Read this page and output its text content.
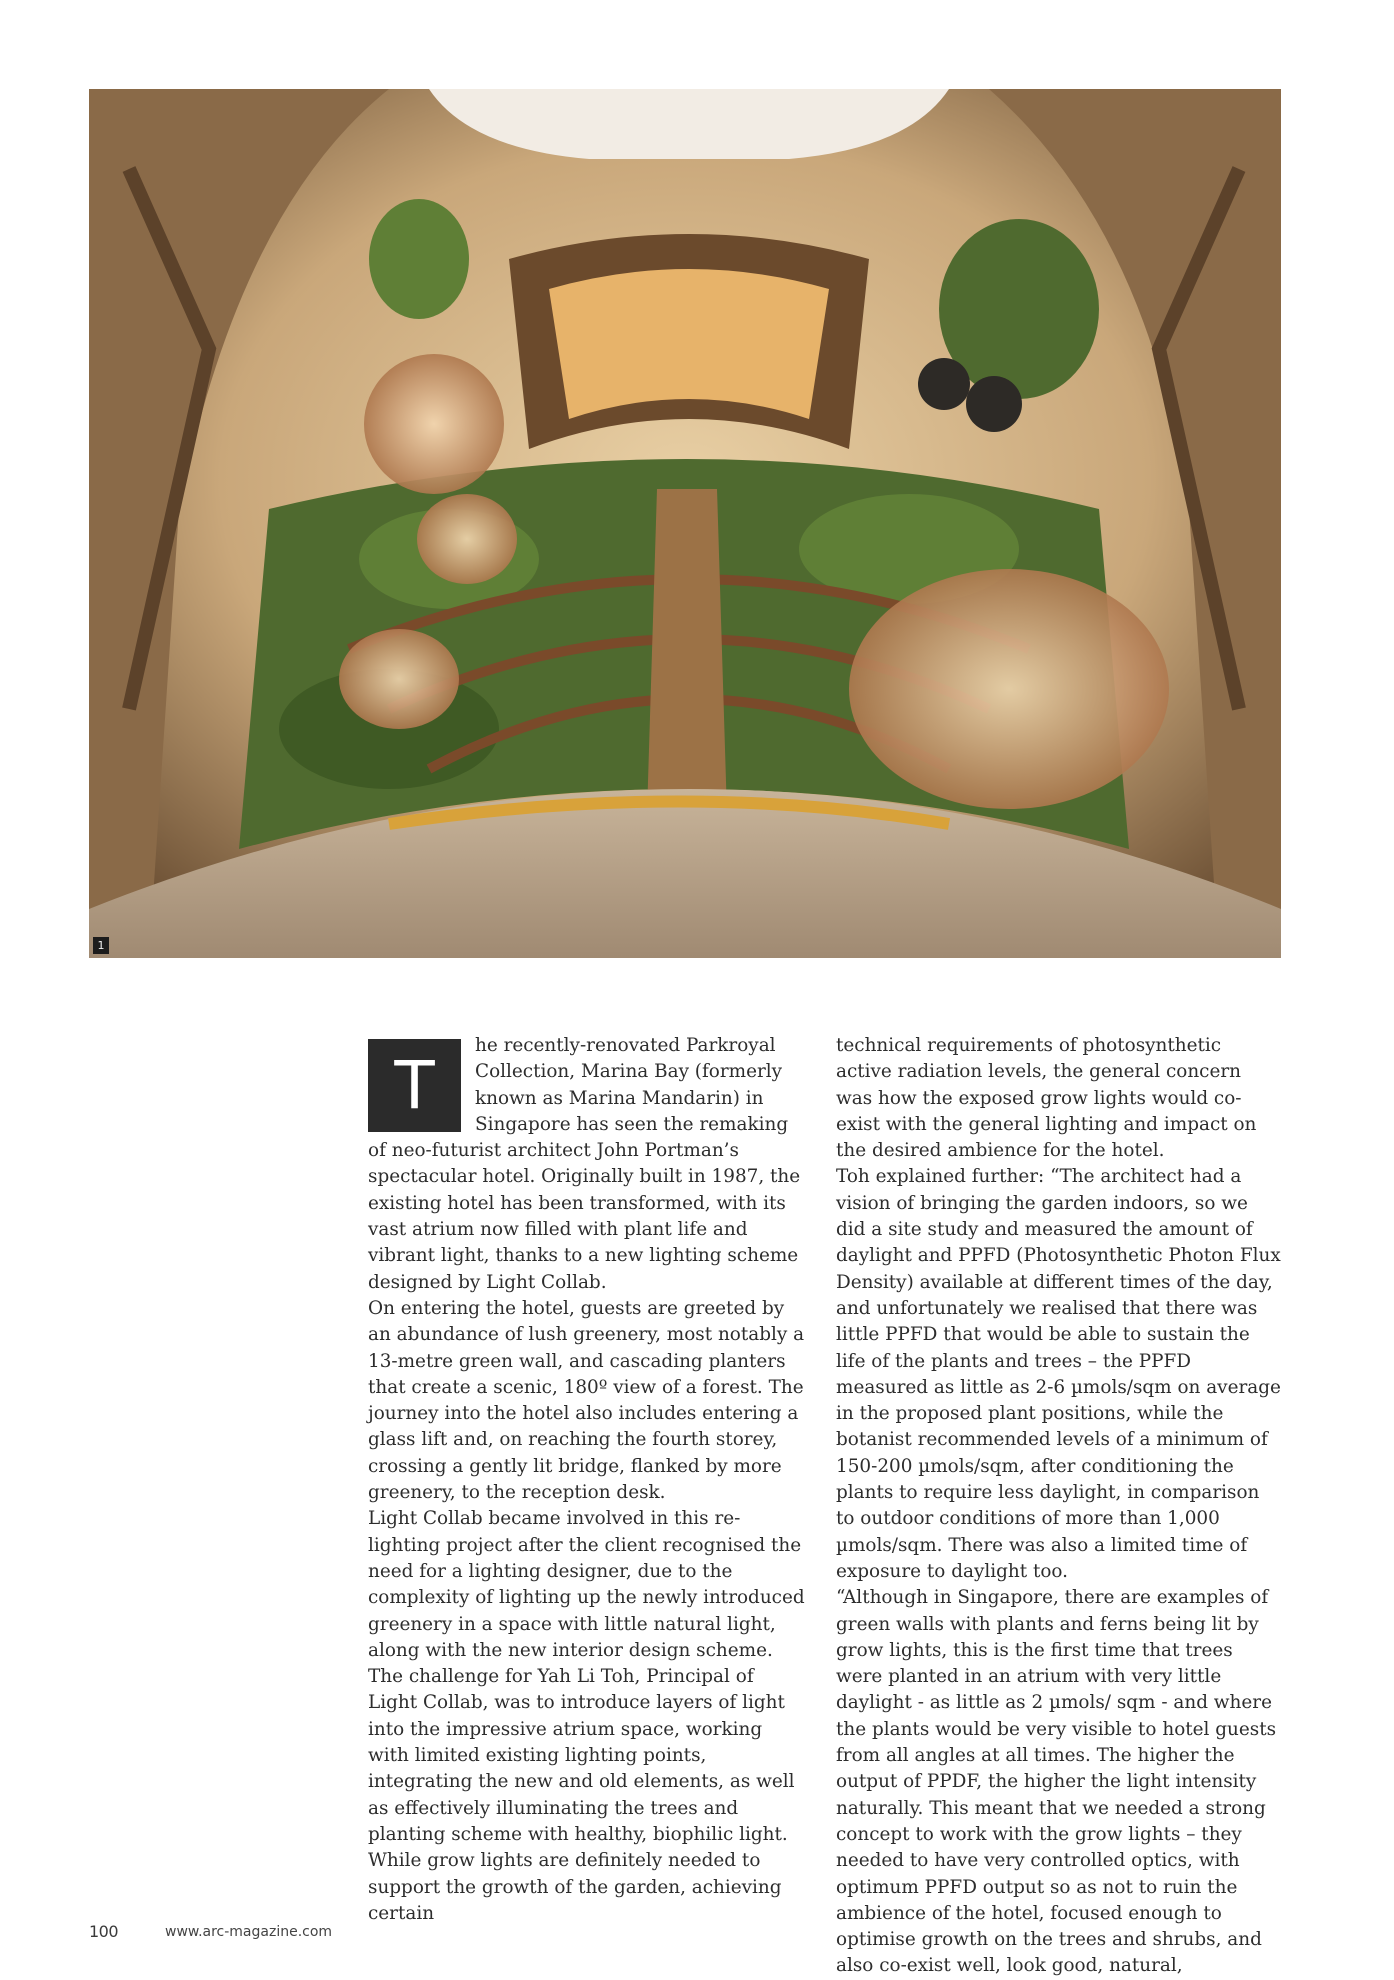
1
T

he recently-renovated Parkroyal Collection, Marina Bay (formerly known as Marina Mandarin) in Singapore has seen the remaking of neo-futurist architect John Portman’s spectacular hotel. Originally built in 1987, the existing hotel has been transformed, with its vast atrium now filled with plant life and vibrant light, thanks to a new lighting scheme designed by Light Collab.

On entering the hotel, guests are greeted by an abundance of lush greenery, most notably a 13-metre green wall, and cascading planters that create a scenic, 180º view of a forest. The journey into the hotel also includes entering a glass lift and, on reaching the fourth storey, crossing a gently lit bridge, flanked by more greenery, to the reception desk.

Light Collab became involved in this re-lighting project after the client recognised the need for a lighting designer, due to the complexity of lighting up the newly introduced greenery in a space with little natural light, along with the new interior design scheme.

The challenge for Yah Li Toh, Principal of Light Collab, was to introduce layers of light into the impressive atrium space, working with limited existing lighting points, integrating the new and old elements, as well as effectively illuminating the trees and planting scheme with healthy, biophilic light.

While grow lights are definitely needed to support the growth of the garden, achieving certain

technical requirements of photosynthetic active radiation levels, the general concern was how the exposed grow lights would co-exist with the general lighting and impact on the desired ambience for the hotel.

Toh explained further: “The architect had a vision of bringing the garden indoors, so we did a site study and measured the amount of daylight and PPFD (Photosynthetic Photon Flux Density) available at different times of the day, and unfortunately we realised that there was little PPFD that would be able to sustain the life of the plants and trees – the PPFD measured as little as 2-6 µmols/sqm on average in the proposed plant positions, while the botanist recommended levels of a minimum of 150-200 µmols/sqm, after conditioning the plants to require less daylight, in comparison to outdoor conditions of more than 1,000 µmols/sqm. There was also a limited time of exposure to daylight too.

“Although in Singapore, there are examples of green walls with plants and ferns being lit by grow lights, this is the first time that trees were planted in an atrium with very little daylight - as little as 2 µmols/ sqm - and where the plants would be very visible to hotel guests from all angles at all times. The higher the output of PPDF, the higher the light intensity naturally. This meant that we needed a strong concept to work with the grow lights – they needed to have very controlled optics, with optimum PPFD output so as not to ruin the ambience of the hotel, focused enough to optimise growth on the trees and shrubs, and also co-exist well, look good, natural,

100	www.arc-magazine.com
